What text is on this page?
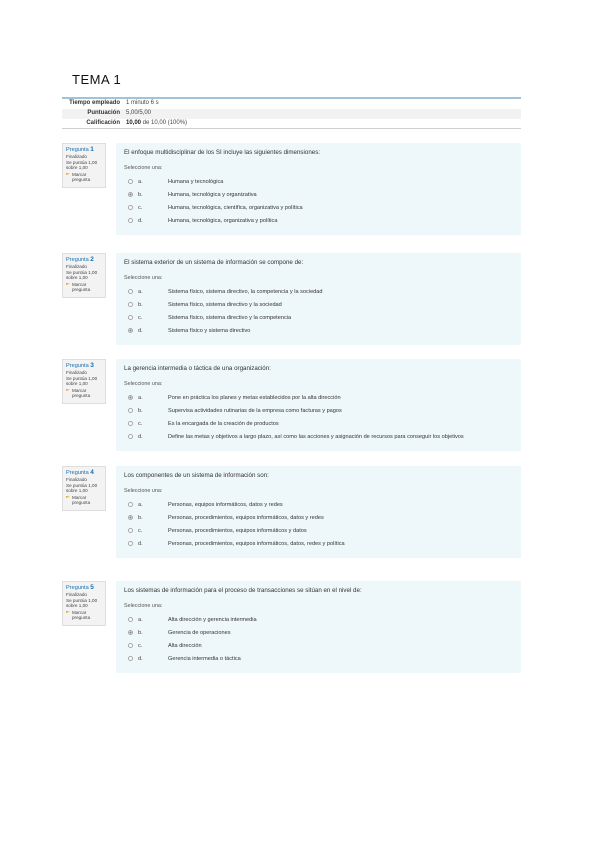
TEMA 1
Tiempo empleado	1 minuto 6 s
Puntuación	5,00/5,00
Calificación	10,00 de 10,00 (100%)
Pregunta 1
Finalizado
Se puntúa 1,00 sobre 1,00
Marcar pregunta
El enfoque multidisciplinar de los SI incluye las siguientes dimensiones:
Seleccione una:
a.	Humana y tecnológica
b.	Humana, tecnológica y organizativa
c.	Humana, tecnológica, científica, organizativa y política
d.	Humana, tecnológica, organizativa y política
Pregunta 2
Finalizado
Se puntúa 1,00 sobre 1,00
Marcar pregunta
El sistema exterior de un sistema de información se compone de:
Seleccione una:
a.	Sistema físico, sistema directivo, la competencia y la sociedad
b.	Sistema físico, sistema directivo y la sociedad
c.	Sistema físico, sistema directivo y la competencia
d.	Sistema físico y sistema directivo
Pregunta 3
Finalizado
Se puntúa 1,00 sobre 1,00
Marcar pregunta
La gerencia intermedia o táctica de una organización:
Seleccione una:
a.	Pone en práctica los planes y metas establecidos por la alta dirección
b.	Supervisa actividades rutinarias de la empresa como facturas y pagos
c.	Es la encargada de la creación de productos
d.	Define las metas y objetivos a largo plazo, así como las acciones y asignación de recursos para conseguir los objetivos
Pregunta 4
Finalizado
Se puntúa 1,00 sobre 1,00
Marcar pregunta
Los componentes de un sistema de información son:
Seleccione una:
a.	Personas, equipos informáticos, datos y redes
b.	Personas, procedimientos, equipos informáticos, datos y redes
c.	Personas, procedimientos, equipos informáticos y datos
d.	Personas, procedimientos, equipos informáticos, datos, redes y política
Pregunta 5
Finalizado
Se puntúa 1,00 sobre 1,00
Marcar pregunta
Los sistemas de información para el proceso de transacciones se sitúan en el nivel de:
Seleccione una:
a.	Alta dirección y gerencia intermedia
b.	Gerencia de operaciones
c.	Alta dirección
d.	Gerencia intermedia o táctica
